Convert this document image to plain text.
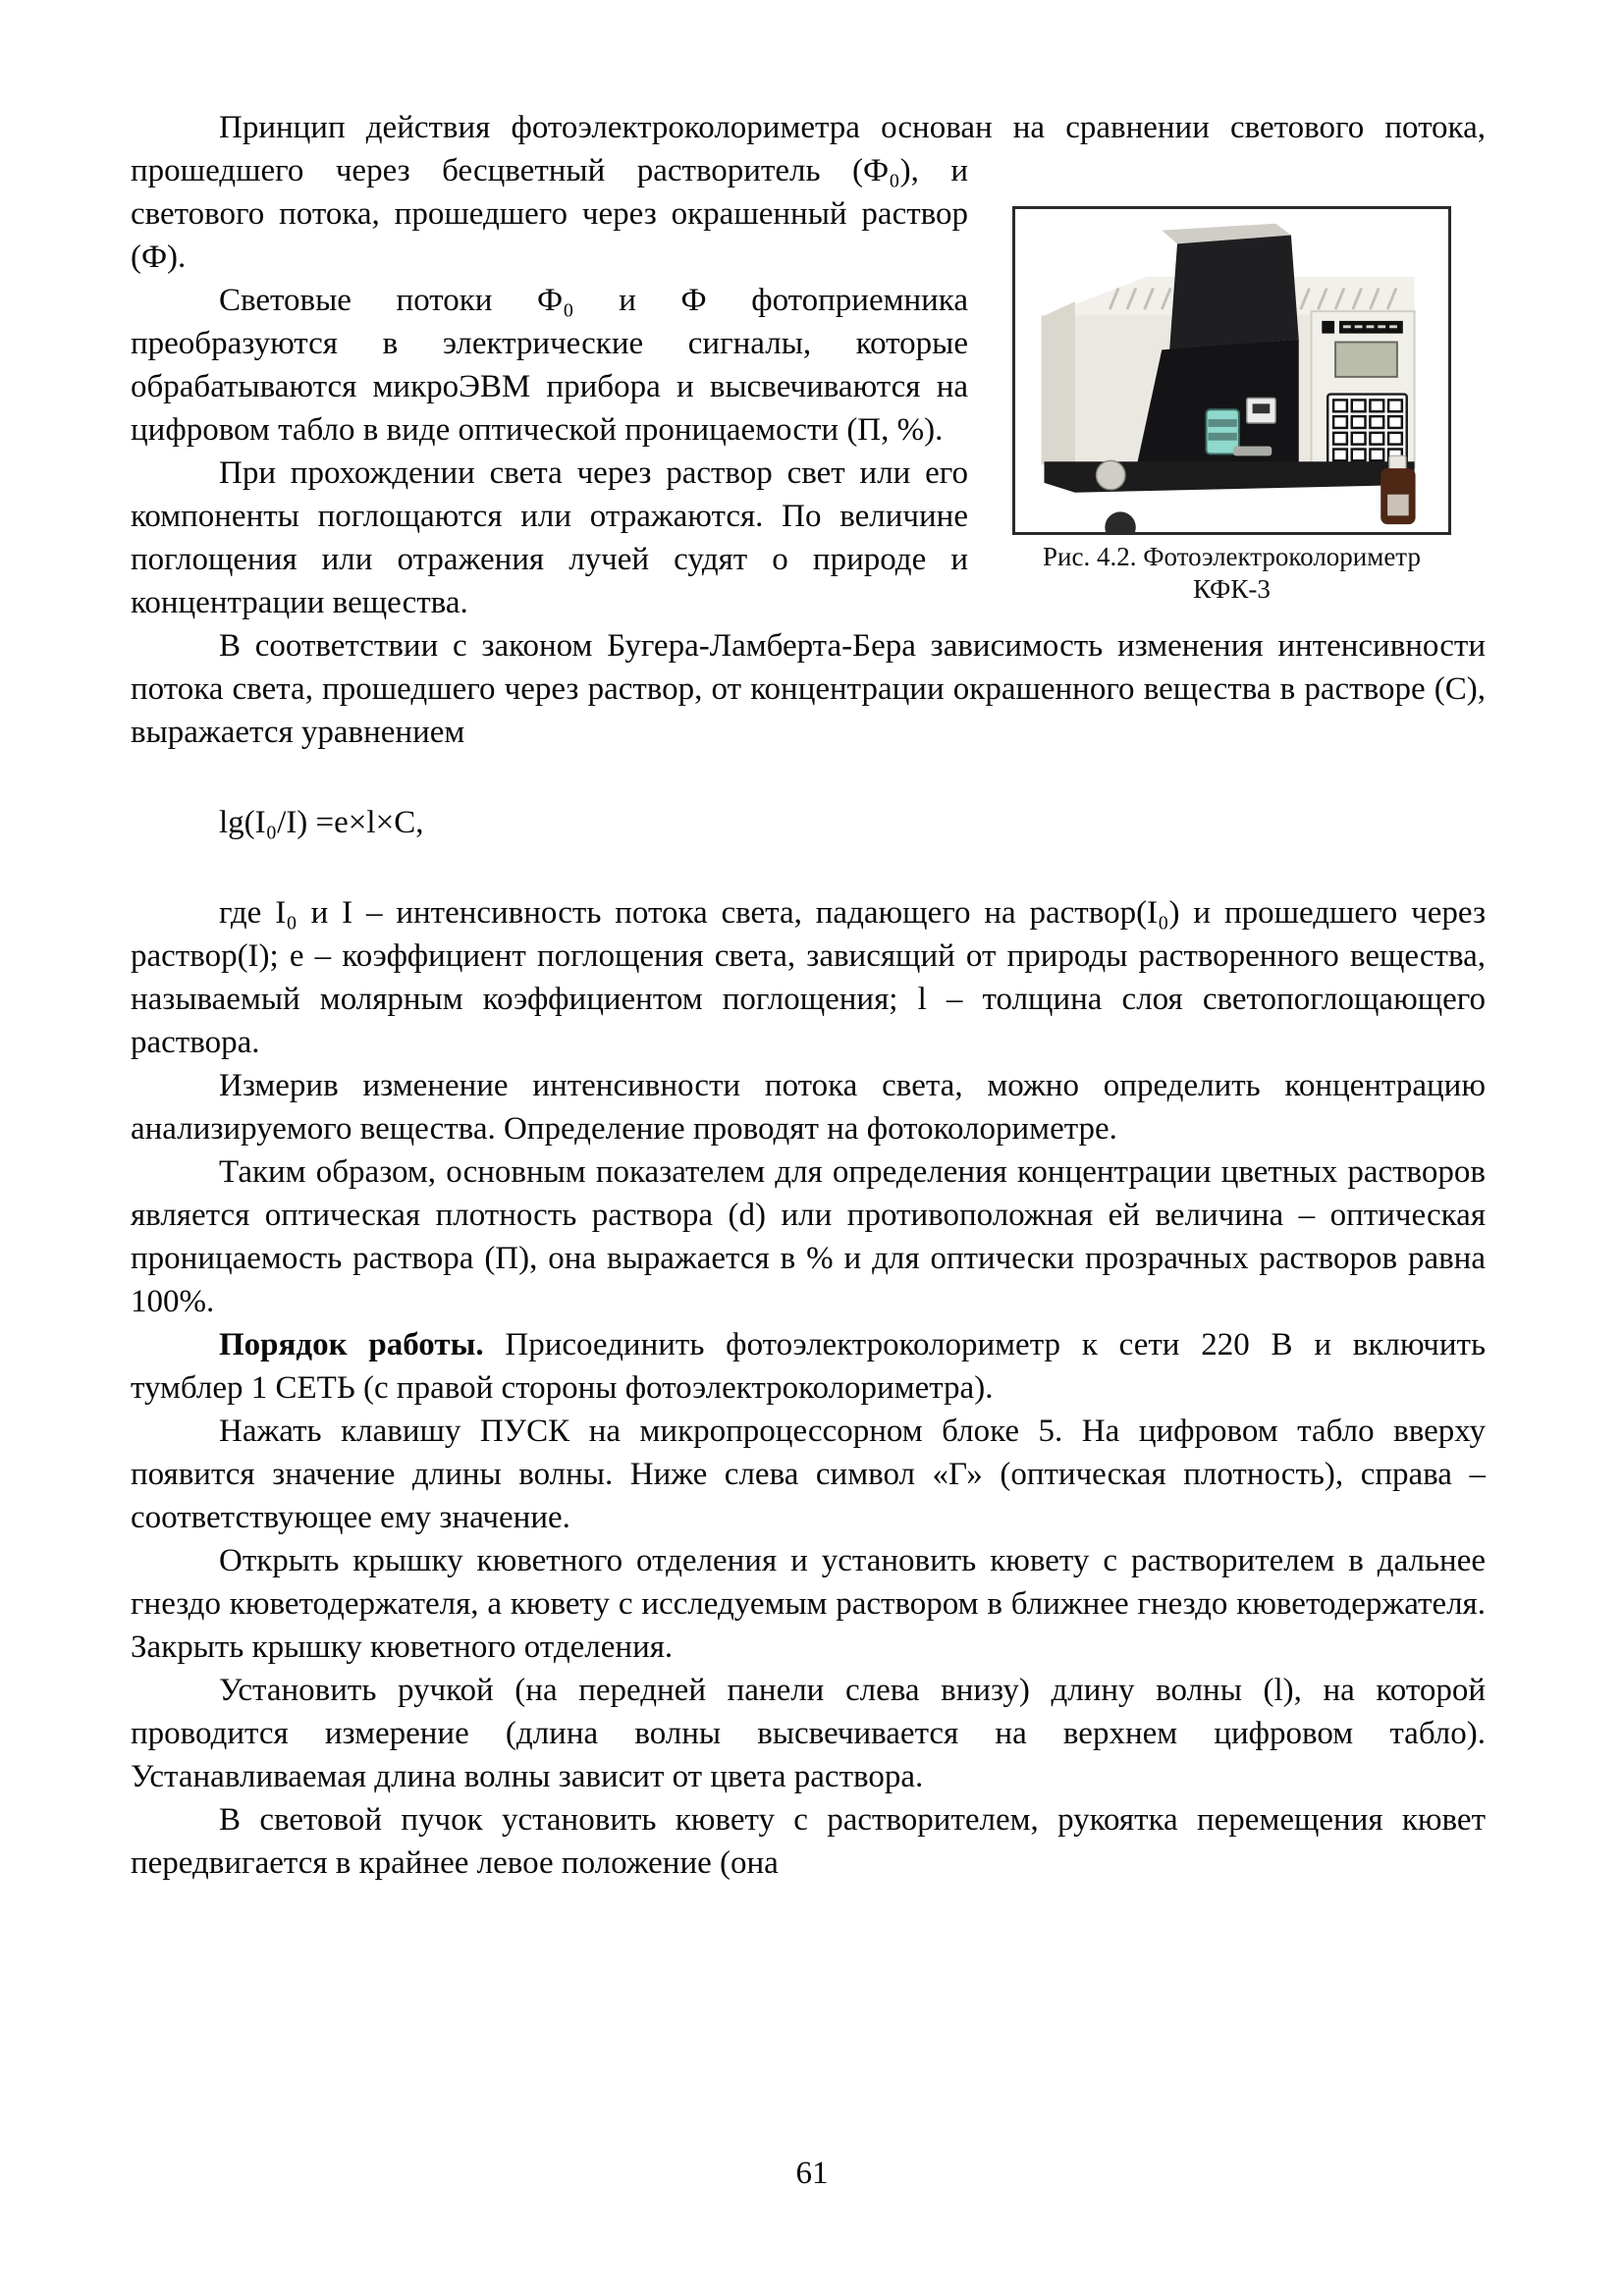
Принцип действия фотоэлектроколориметра основан на сравнении светового потока, прошедшего через бесцветный растворитель (Ф₀), и светового потока, прошедшего через окрашенный раствор (Ф).

Световые потоки Ф₀ и Ф фотоприемника преобразуются в электрические сигналы, которые обрабатываются микроЭВМ прибора и высвечиваются на цифровом табло в виде оптической проницаемости (П, %).

При прохождении света через раствор свет или его компоненты поглощаются или отражаются. По величине поглощения или отражения лучей судят о природе и концентрации вещества.

В соответствии с законом Бугера-Ламберта-Бера зависимость изменения интенсивности потока света, прошедшего через раствор, от концентрации окрашенного вещества в растворе (С), выражается уравнением

lg(I₀/I) =e×l×C,

где I₀ и I – интенсивность потока света, падающего на раствор(I₀) и прошедшего через раствор(I); е – коэффициент поглощения света, зависящий от природы растворенного вещества, называемый молярным коэффициентом поглощения; l – толщина слоя светопоглощающего раствора.

Измерив изменение интенсивности потока света, можно определить концентрацию анализируемого вещества. Определение проводят на фотоколориметре.

Таким образом, основным показателем для определения концентрации цветных растворов является оптическая плотность раствора (d) или противоположная ей величина – оптическая проницаемость раствора (П), она выражается в % и для оптически прозрачных растворов равна 100%.

Порядок работы. Присоединить фотоэлектроколориметр к сети 220 В и включить тумблер 1 СЕТЬ (с правой стороны фотоэлектроколориметра).

Нажать клавишу ПУСК на микропроцессорном блоке 5. На цифровом табло вверху появится значение длины волны. Ниже слева символ «Г» (оптическая плотность), справа – соответствующее ему значение.

Открыть крышку кюветного отделения и установить кювету с растворителем в дальнее гнездо кюветодержателя, а кювету с исследуемым раствором в ближнее гнездо кюветодержателя. Закрыть крышку кюветного отделения.

Установить ручкой (на передней панели слева внизу) длину волны (l), на которой проводится измерение (длина волны высвечивается на верхнем цифровом табло). Устанавливаемая длина волны зависит от цвета раствора.

В световой пучок установить кювету с растворителем, рукоятка перемещения кювет передвигается в крайнее левое положение (она

Рис. 4.2. Фотоэлектроколориметр
КФК-3
61
